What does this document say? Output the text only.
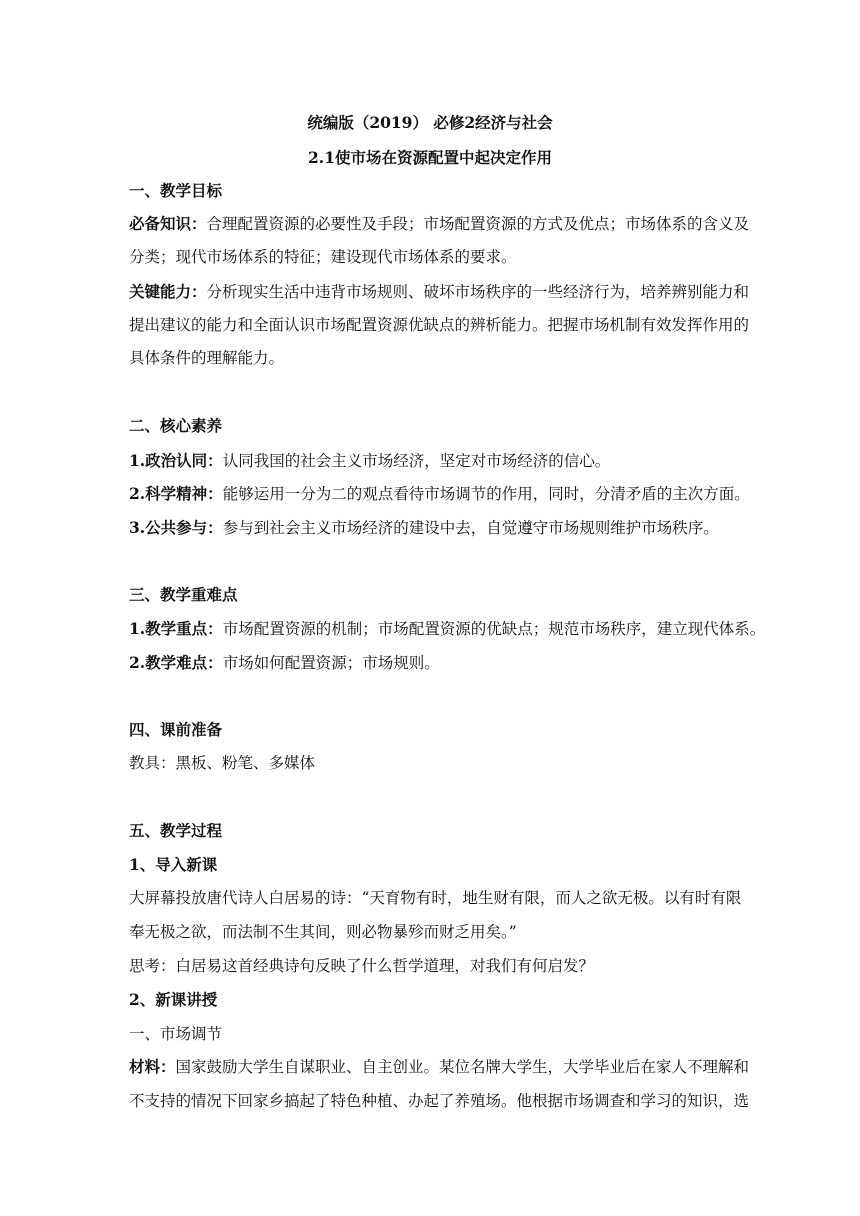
统编版（2019） 必修2经济与社会
2.1使市场在资源配置中起决定作用
一、教学目标
必备知识：合理配置资源的必要性及手段；市场配置资源的方式及优点；市场体系的含义及
分类；现代市场体系的特征；建设现代市场体系的要求。
关键能力：分析现实生活中违背市场规则、破坏市场秩序的一些经济行为，培养辨别能力和
提出建议的能力和全面认识市场配置资源优缺点的辨析能力。把握市场机制有效发挥作用的
具体条件的理解能力。
二、核心素养
1.政治认同：认同我国的社会主义市场经济，坚定对市场经济的信心。
2.科学精神：能够运用一分为二的观点看待市场调节的作用，同时，分清矛盾的主次方面。
3.公共参与：参与到社会主义市场经济的建设中去，自觉遵守市场规则维护市场秩序。
三、教学重难点
1.教学重点：市场配置资源的机制；市场配置资源的优缺点；规范市场秩序，建立现代体系。
2.教学难点：市场如何配置资源；市场规则。
四、课前准备
教具：黑板、粉笔、多媒体
五、教学过程
1、导入新课
大屏幕投放唐代诗人白居易的诗：“天育物有时，地生财有限，而人之欲无极。以有时有限
奉无极之欲，而法制不生其间，则必物暴殄而财乏用矣。”
思考：白居易这首经典诗句反映了什么哲学道理，对我们有何启发？
2、新课讲授
一、市场调节
材料：国家鼓励大学生自谋职业、自主创业。某位名牌大学生，大学毕业后在家人不理解和
不支持的情况下回家乡搞起了特色种植、办起了养殖场。他根据市场调查和学习的知识，选
